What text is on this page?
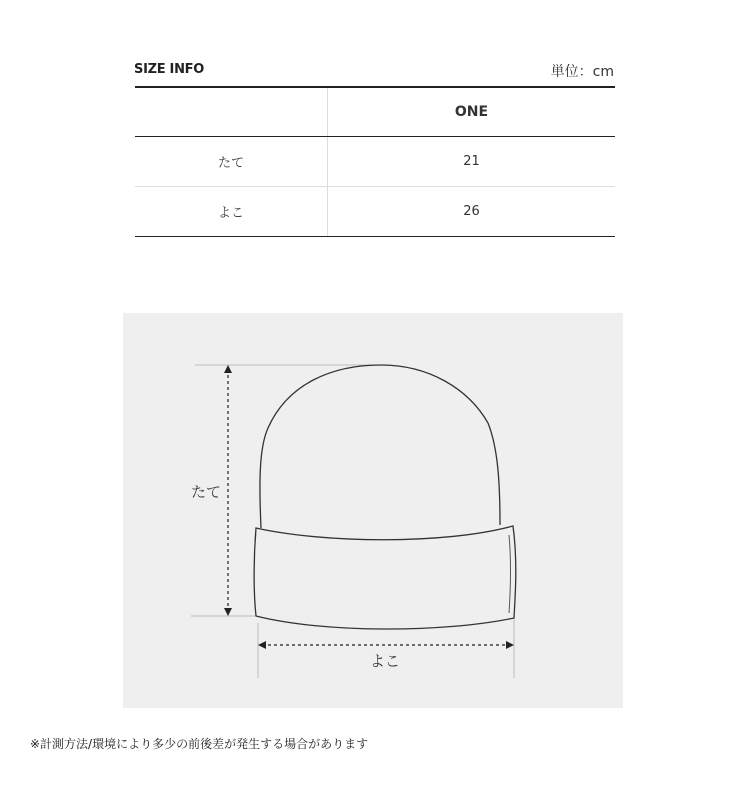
SIZE INFO	単位：cm
	ONE
たて	21
よこ	26
たて
よこ
※計測方法/環境により多少の前後差が発生する場合があります
